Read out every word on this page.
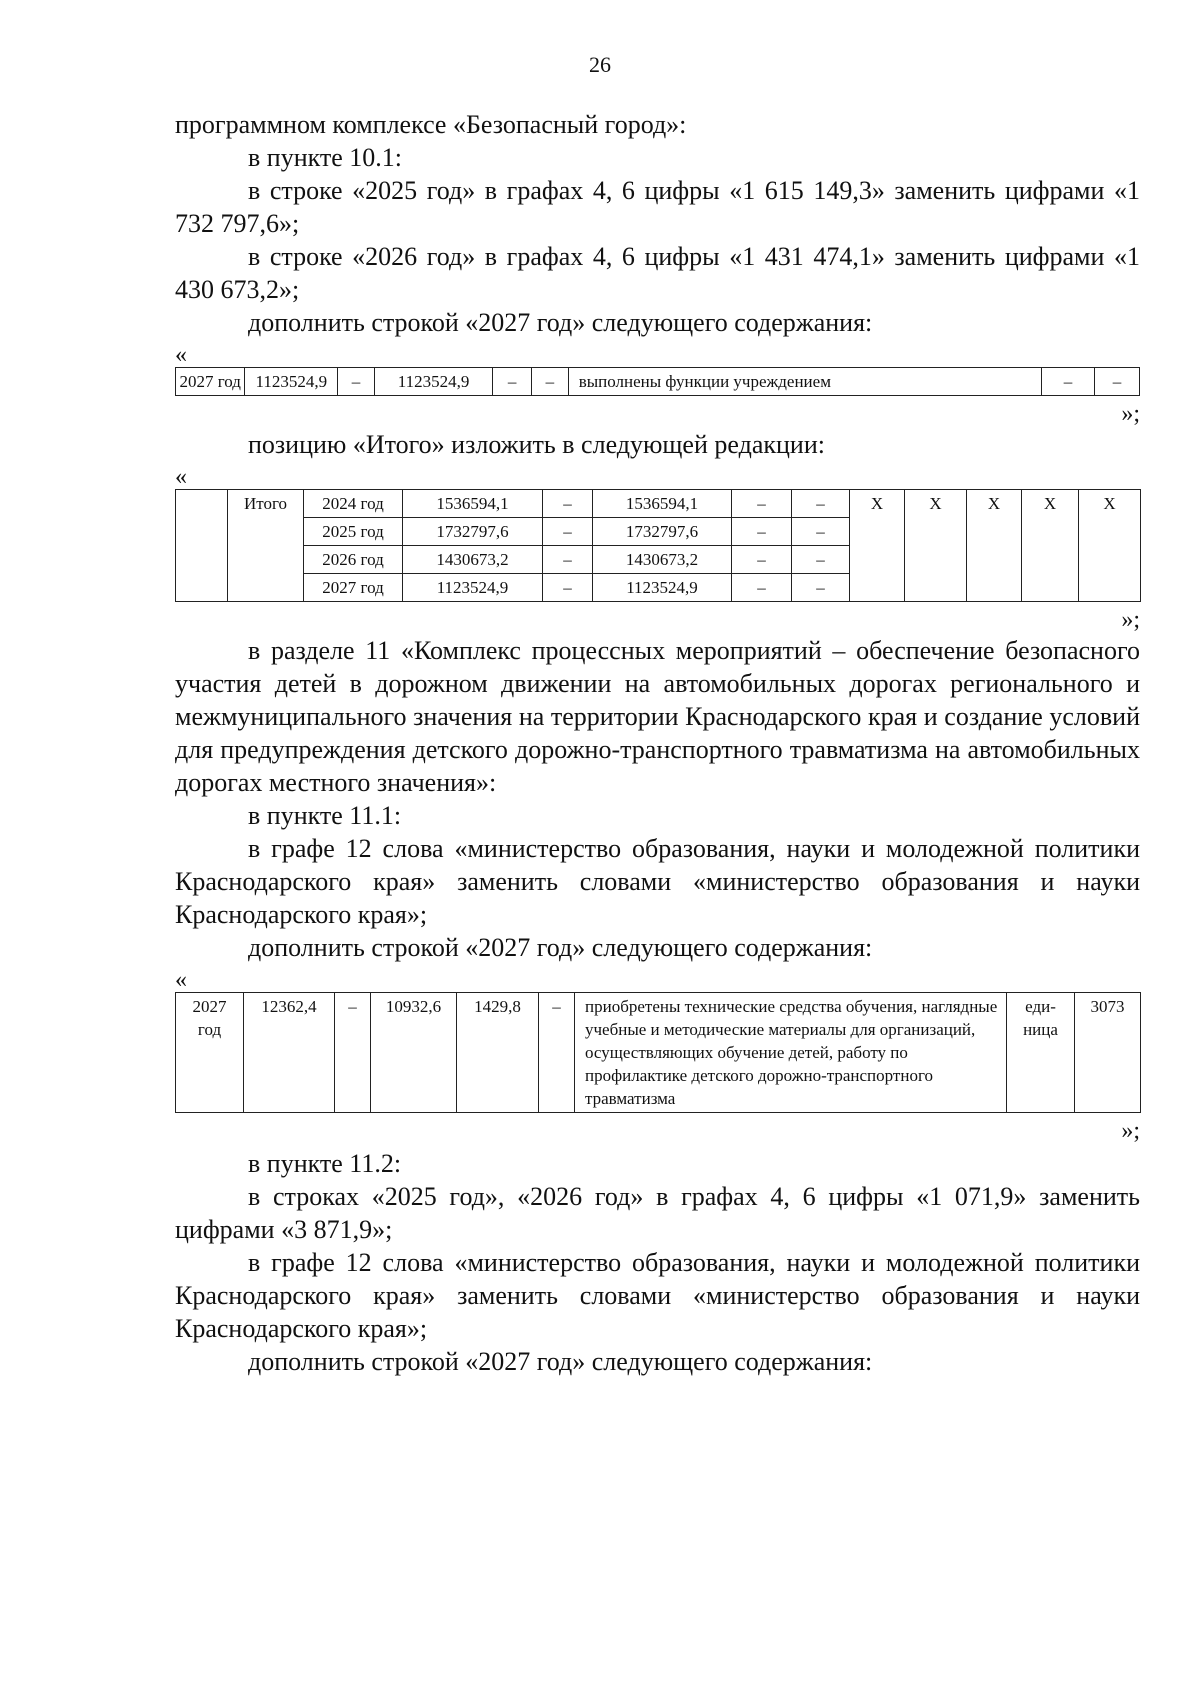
26

программном комплексе «Безопасный город»:

в пункте 10.1:

в строке «2025 год» в графах 4, 6 цифры «1 615 149,3» заменить цифрами «1 732 797,6»;

в строке «2026 год» в графах 4, 6 цифры «1 431 474,1» заменить цифрами «1 430 673,2»;

дополнить строкой «2027 год» следующего содержания:

«
2027 год	1123524,9	–	1123524,9	–	–	выполнены функции учреждением	–	–
»;

позицию «Итого» изложить в следующей редакции:

«
	Итого	2024 год	1536594,1	–	1536594,1	–	–	Х	Х	Х	Х	Х
		2025 год	1732797,6	–	1732797,6	–	–					
		2026 год	1430673,2	–	1430673,2	–	–					
		2027 год	1123524,9	–	1123524,9	–	–					
»;

в разделе 11 «Комплекс процессных мероприятий – обеспечение безопасного участия детей в дорожном движении на автомобильных дорогах регионального и межмуниципального значения на территории Краснодарского края и создание условий для предупреждения детского дорожно-транспортного травматизма на автомобильных дорогах местного значения»:

в пункте 11.1:

в графе 12 слова «министерство образования, науки и молодежной политики Краснодарского края» заменить словами «министерство образования и науки Краснодарского края»;

дополнить строкой «2027 год» следующего содержания:

«
2027 год	12362,4	–	10932,6	1429,8	–	приобретены технические средства обучения, наглядные учебные и методические материалы для организаций, осуществляющих обучение детей, работу по профилактике детского дорожно-транспортного травматизма	еди-ница	3073
»;

в пункте 11.2:

в строках «2025 год», «2026 год» в графах 4, 6 цифры «1 071,9» заменить цифрами «3 871,9»;

в графе 12 слова «министерство образования, науки и молодежной политики Краснодарского края» заменить словами «министерство образования и науки Краснодарского края»;

дополнить строкой «2027 год» следующего содержания:
